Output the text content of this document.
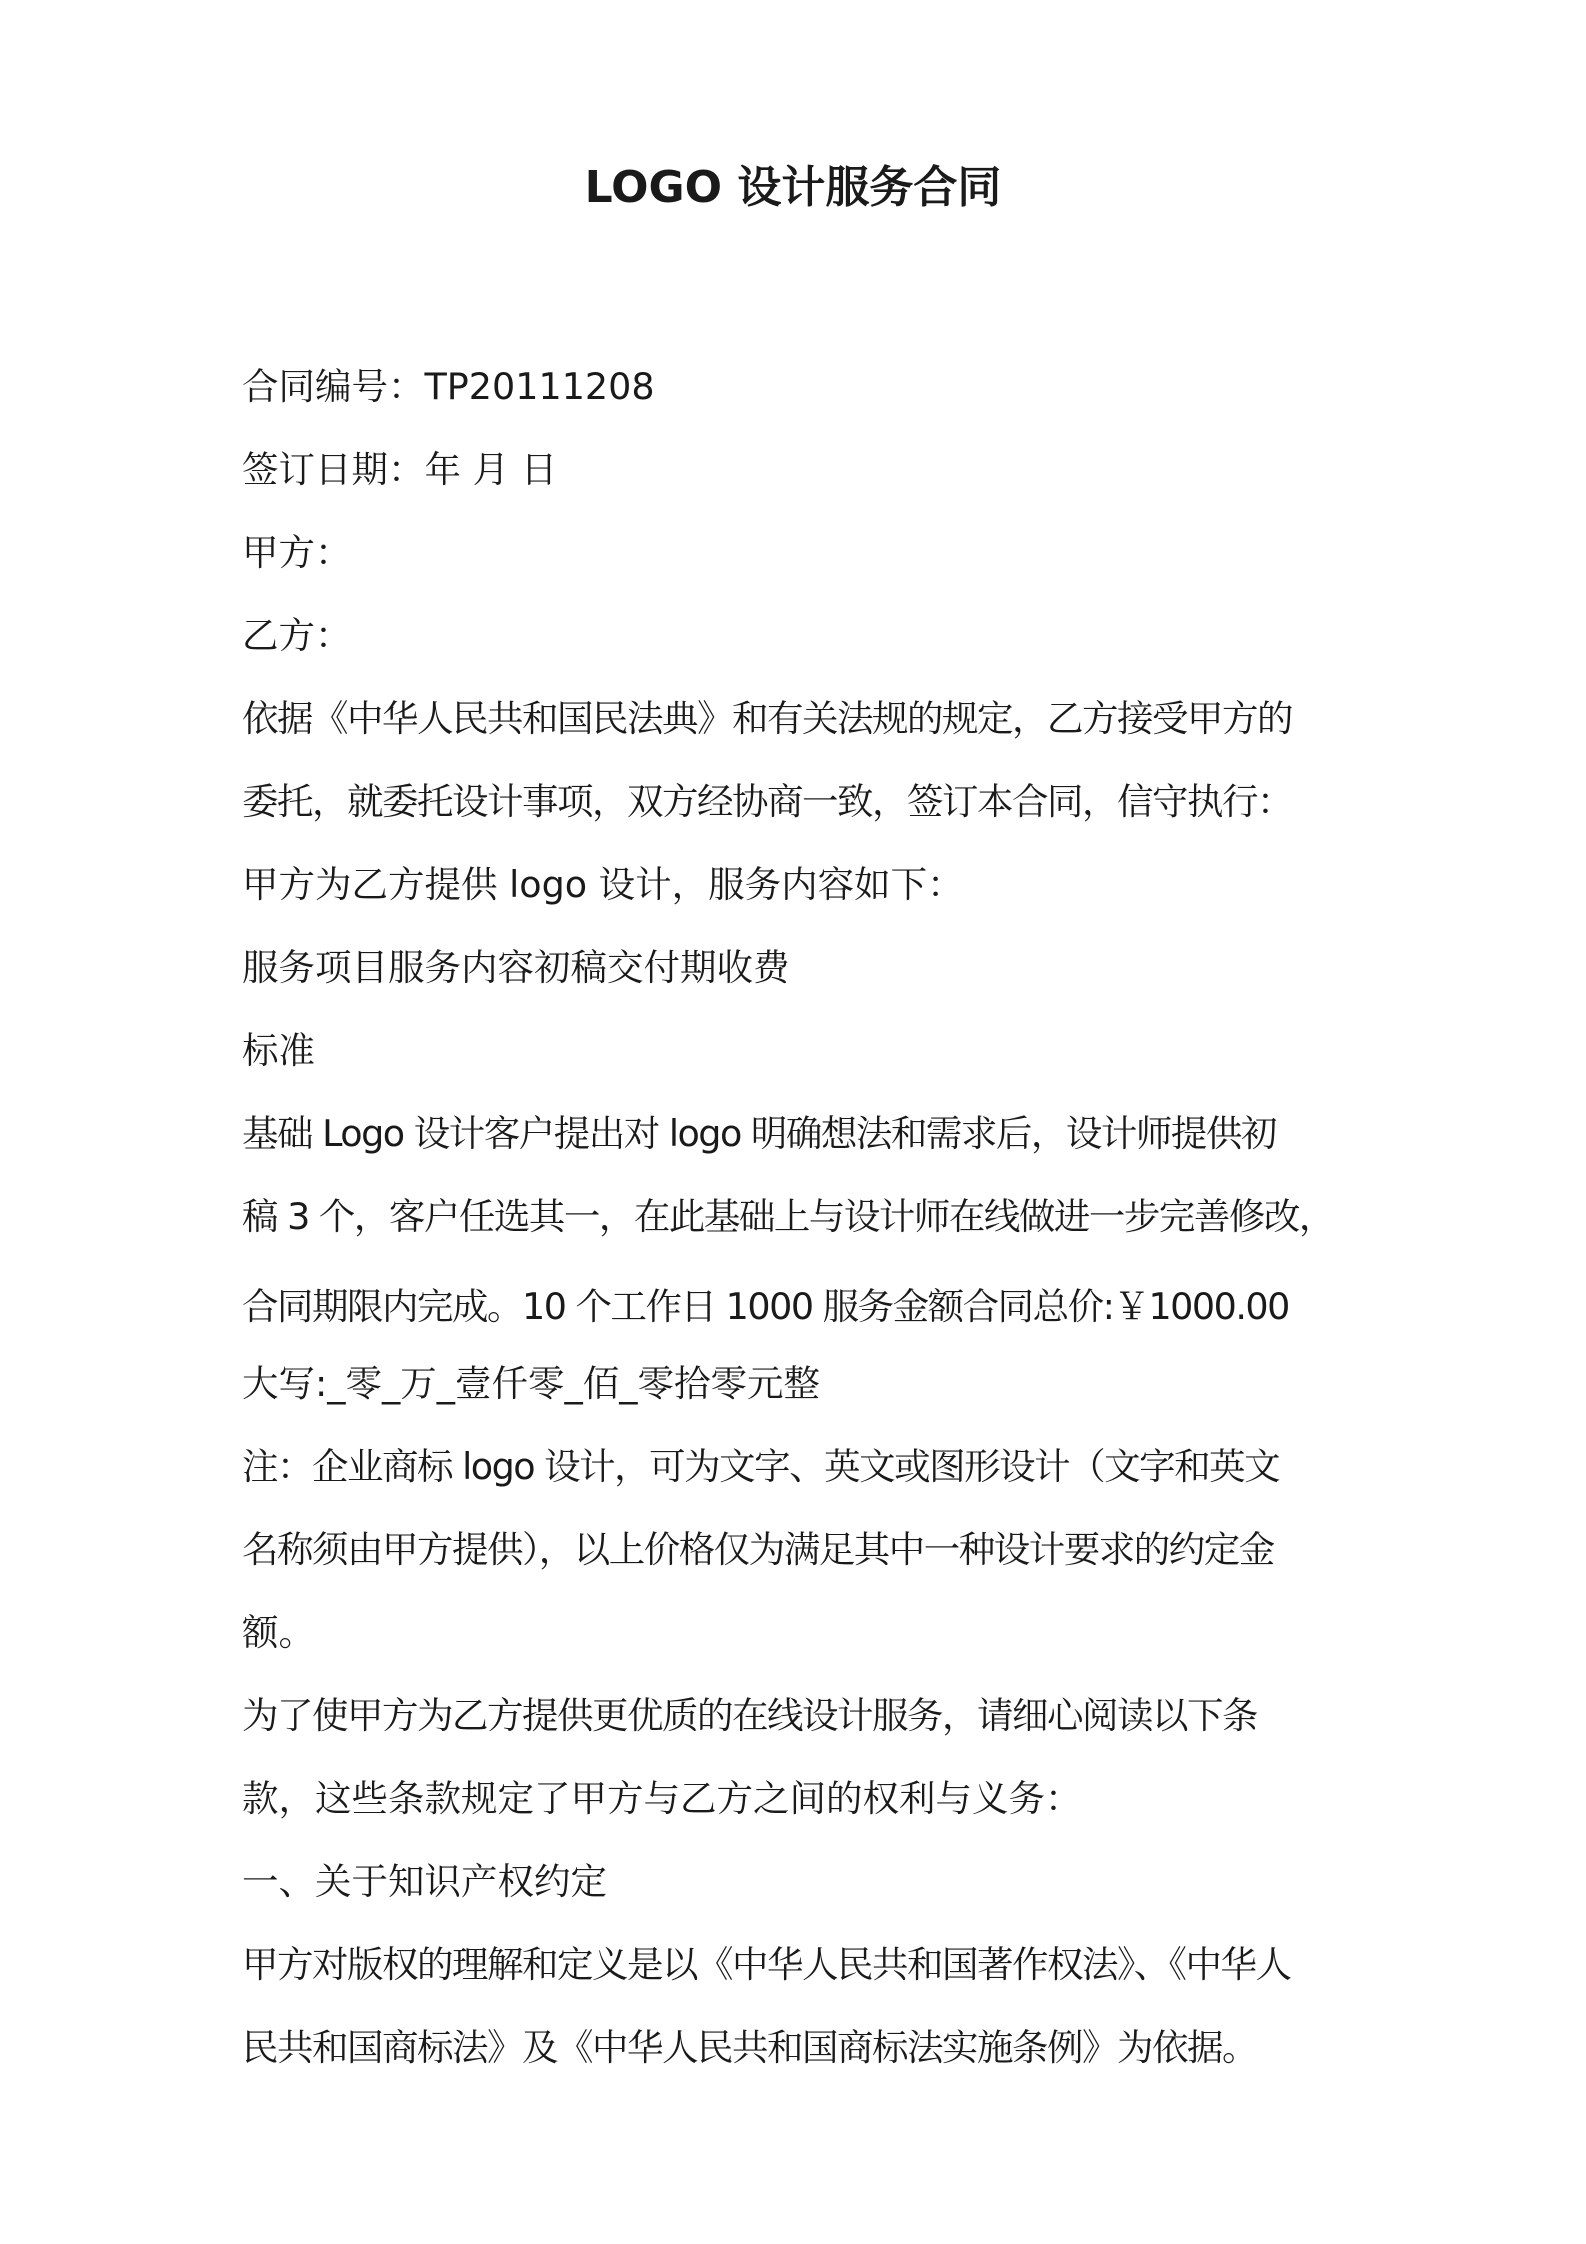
LOGO 设计服务合同
合同编号：TP20111208
签订日期：年 月 日
甲方：
乙方：
依据《中华人民共和国民法典》和有关法规的规定，乙方接受甲方的
委托，就委托设计事项，双方经协商一致，签订本合同，信守执行：
甲方为乙方提供 logo 设计，服务内容如下：
服务项目服务内容初稿交付期收费
标准
基础 Logo 设计客户提出对 logo 明确想法和需求后，设计师提供初
稿 3 个，客户任选其一，在此基础上与设计师在线做进一步完善修改，
合同期限内完成。10 个工作日 1000 服务金额合同总价:￥1000.00
大写:_零_万_壹仟零_佰_零拾零元整
注：企业商标 logo 设计，可为文字、英文或图形设计（文字和英文
名称须由甲方提供），以上价格仅为满足其中一种设计要求的约定金
额。
为了使甲方为乙方提供更优质的在线设计服务，请细心阅读以下条
款，这些条款规定了甲方与乙方之间的权利与义务：
一、关于知识产权约定
甲方对版权的理解和定义是以《中华人民共和国著作权法》、《中华人
民共和国商标法》及《中华人民共和国商标法实施条例》为依据。
